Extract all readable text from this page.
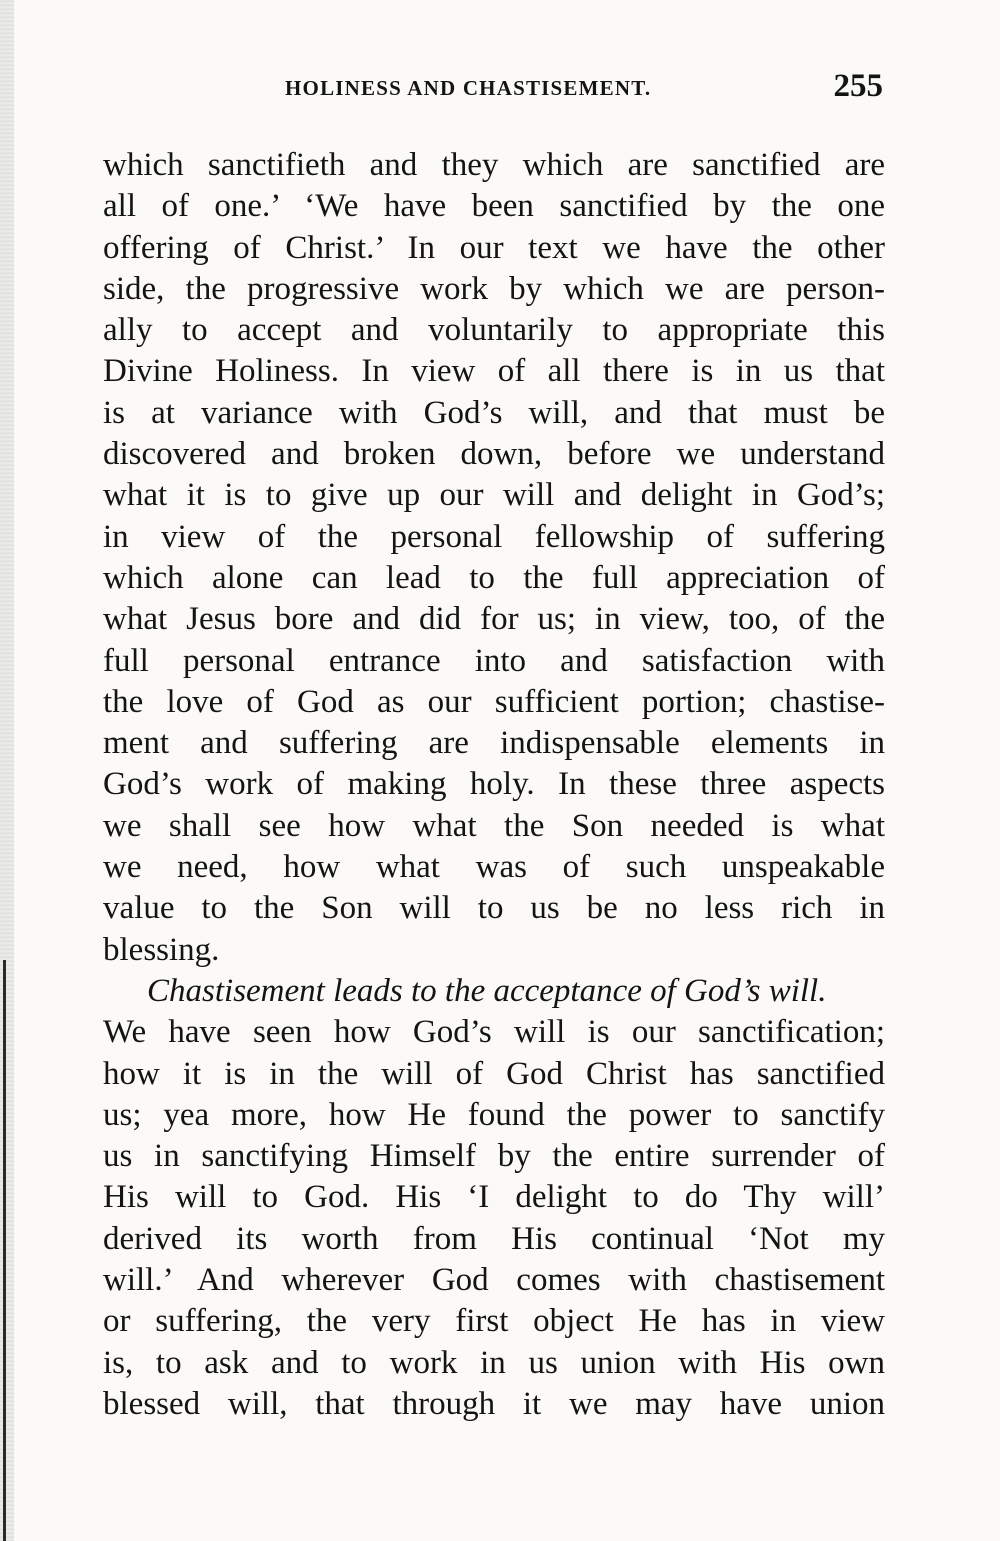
HOLINESS AND CHASTISEMENT.	255
which sanctifieth and they which are sanctified are
all of one.’ ‘We have been sanctified by the one
offering of Christ.’ In our text we have the other
side, the progressive work by which we are person-
ally to accept and voluntarily to appropriate this
Divine Holiness. In view of all there is in us that
is at variance with God’s will, and that must be
discovered and broken down, before we understand
what it is to give up our will and delight in God’s;
in view of the personal fellowship of suffering
which alone can lead to the full appreciation of
what Jesus bore and did for us; in view, too, of the
full personal entrance into and satisfaction with
the love of God as our sufficient portion; chastise-
ment and suffering are indispensable elements in
God’s work of making holy. In these three aspects
we shall see how what the Son needed is what
we need, how what was of such unspeakable
value to the Son will to us be no less rich in
blessing.
Chastisement leads to the acceptance of God’s will.
We have seen how God’s will is our sanctification;
how it is in the will of God Christ has sanctified
us; yea more, how He found the power to sanctify
us in sanctifying Himself by the entire surrender of
His will to God. His ‘I delight to do Thy will’
derived its worth from His continual ‘Not my
will.’ And wherever God comes with chastisement
or suffering, the very first object He has in view
is, to ask and to work in us union with His own
blessed will, that through it we may have union
